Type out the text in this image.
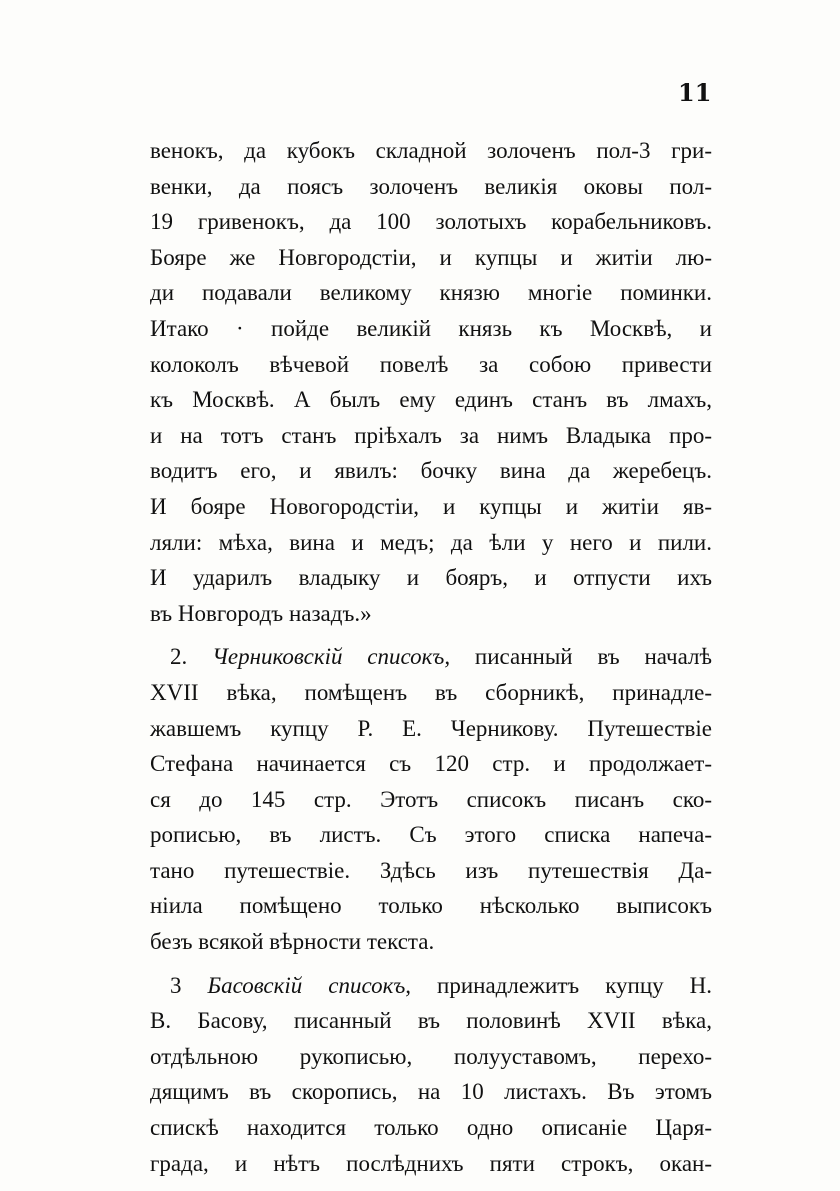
11
венокъ, да кубокъ складной золоченъ пол-3 гри-
венки, да поясъ золоченъ великія оковы пол-
19 гривенокъ, да 100 золотыхъ корабельниковъ.
Бояре же Новгородстіи, и купцы и житіи лю-
ди подавали великому князю многіе поминки.
Итако · пойде великій князь къ Москвѣ, и
колоколъ вѣчевой повелѣ за собою привести
къ Москвѣ. А былъ ему единъ станъ въ лмахъ,
и на тотъ станъ пріѣхалъ за нимъ Владыка про-
водитъ его, и явилъ: бочку вина да жеребецъ.
И бояре Новогородстіи, и купцы и житіи яв-
ляли: мѣха, вина и медъ; да ѣли у него и пили.
И ударилъ владыку и бояръ, и отпусти ихъ
въ Новгородъ назадъ.»
2. Черниковскій списокъ, писанный въ началѣ
XVII вѣка, помѣщенъ въ сборникѣ, принадле-
жавшемъ купцу Р. Е. Черникову. Путешествіе
Стефана начинается съ 120 стр. и продолжает-
ся до 145 стр. Этотъ списокъ писанъ ско-
рописью, въ листъ. Съ этого списка напеча-
тано путешествіе. Здѣсь изъ путешествія Да-
ніила помѣщено только нѣсколько выписокъ
безъ всякой вѣрности текста.
3 Басовскій списокъ, принадлежитъ купцу Н.
В. Басову, писанный въ половинѣ XVII вѣка,
отдѣльною рукописью, полууставомъ, перехо-
дящимъ въ скоропись, на 10 листахъ. Въ этомъ
спискѣ находится только одно описаніе Царя-
града, и нѣтъ послѣднихъ пяти строкъ, окан-
